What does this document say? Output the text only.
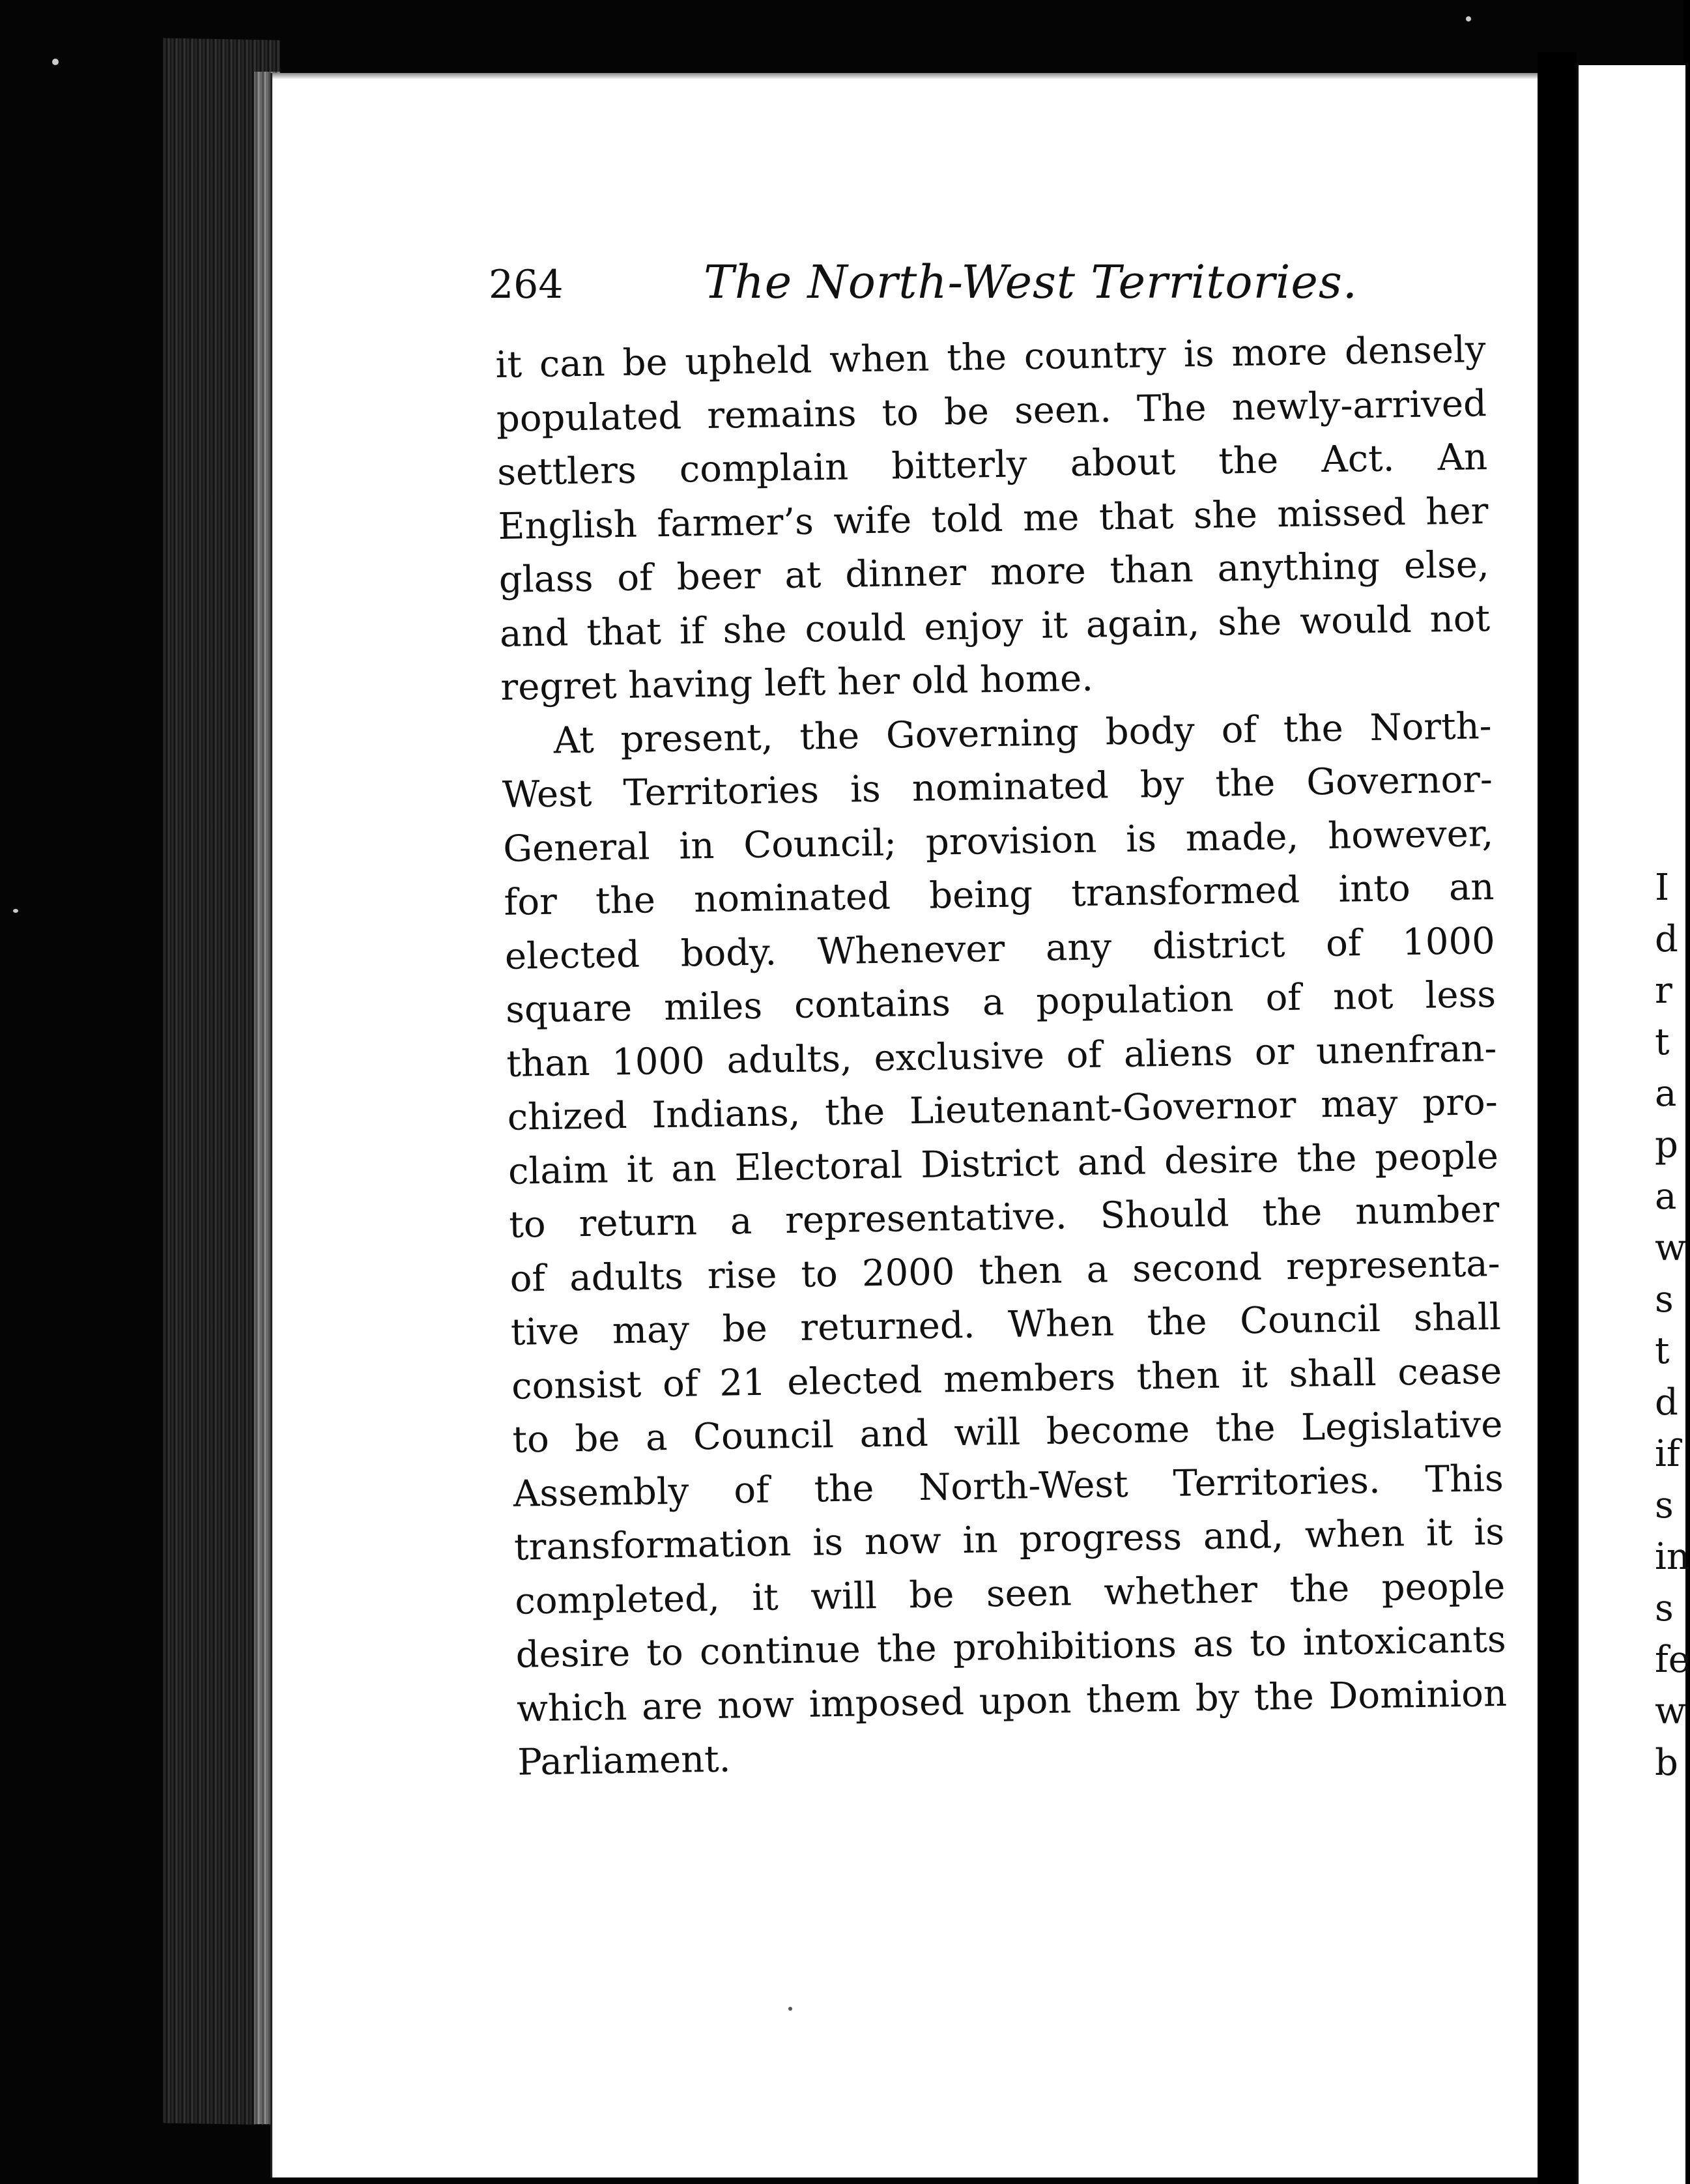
I
d
r
t
a
p
a
w
s
t
d
if
s
in
s
fe
w
b
264	The North-West Territories.
it can be upheld when the country is more densely
populated remains to be seen. The newly-arrived
settlers complain bitterly about the Act. An
English farmer’s wife told me that she missed her
glass of beer at dinner more than anything else,
and that if she could enjoy it again, she would not
regret having left her old home.
At present, the Governing body of the North-
West Territories is nominated by the Governor-
General in Council; provision is made, however,
for the nominated being transformed into an
elected body. Whenever any district of 1000
square miles contains a population of not less
than 1000 adults, exclusive of aliens or unenfran-
chized Indians, the Lieutenant-Governor may pro-
claim it an Electoral District and desire the people
to return a representative. Should the number
of adults rise to 2000 then a second representa-
tive may be returned. When the Council shall
consist of 21 elected members then it shall cease
to be a Council and will become the Legislative
Assembly of the North-West Territories. This
transformation is now in progress and, when it is
completed, it will be seen whether the people
desire to continue the prohibitions as to intoxicants
which are now imposed upon them by the Dominion
Parliament.
